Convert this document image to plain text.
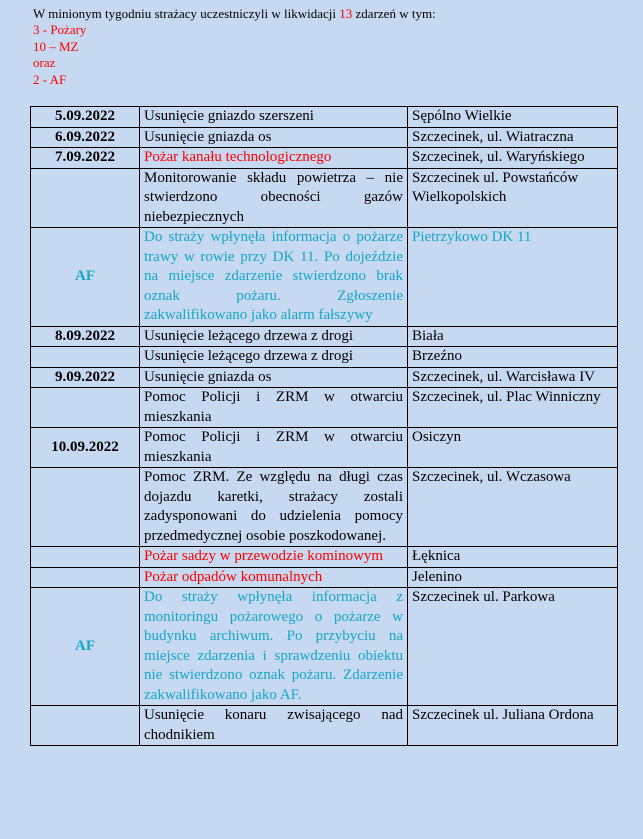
W minionym tygodniu strażacy uczestniczyli w likwidacji 13 zdarzeń w tym:
3 - Pożary
10 – MZ
oraz
2 - AF
5.09.2022	Usunięcie gniazdo szerszeni	Sępólno Wielkie
6.09.2022	Usunięcie gniazda os	Szczecinek, ul. Wiatraczna
7.09.2022	Pożar kanału technologicznego	Szczecinek, ul. Waryńskiego
	Monitorowanie składu powietrza – nie stwierdzono obecności gazów niebezpiecznych	Szczecinek ul. Powstańców Wielkopolskich
AF	Do straży wpłynęła informacja o pożarze trawy w rowie przy DK 11. Po dojeździe na miejsce zdarzenie stwierdzono brak oznak pożaru. Zgłoszenie zakwalifikowano jako alarm fałszywy	Pietrzykowo DK 11
8.09.2022	Usunięcie leżącego drzewa z drogi	Biała
	Usunięcie leżącego drzewa z drogi	Brzeźno
9.09.2022	Usunięcie gniazda os	Szczecinek, ul. Warcisława IV
	Pomoc Policji i ZRM w otwarciu mieszkania	Szczecinek, ul. Plac Winniczny
10.09.2022	Pomoc Policji i ZRM w otwarciu mieszkania	Osiczyn
	Pomoc ZRM. Ze względu na długi czas dojazdu karetki, strażacy zostali zadysponowani do udzielenia pomocy przedmedycznej osobie poszkodowanej.	Szczecinek, ul. Wczasowa
	Pożar sadzy w przewodzie kominowym	Łęknica
	Pożar odpadów komunalnych	Jelenino
AF	Do straży wpłynęła informacja z monitoringu pożarowego o pożarze w budynku archiwum. Po przybyciu na miejsce zdarzenia i sprawdzeniu obiektu nie stwierdzono oznak pożaru. Zdarzenie zakwalifikowano jako AF.	Szczecinek ul. Parkowa
	Usunięcie konaru zwisającego nad chodnikiem	Szczecinek ul. Juliana Ordona
